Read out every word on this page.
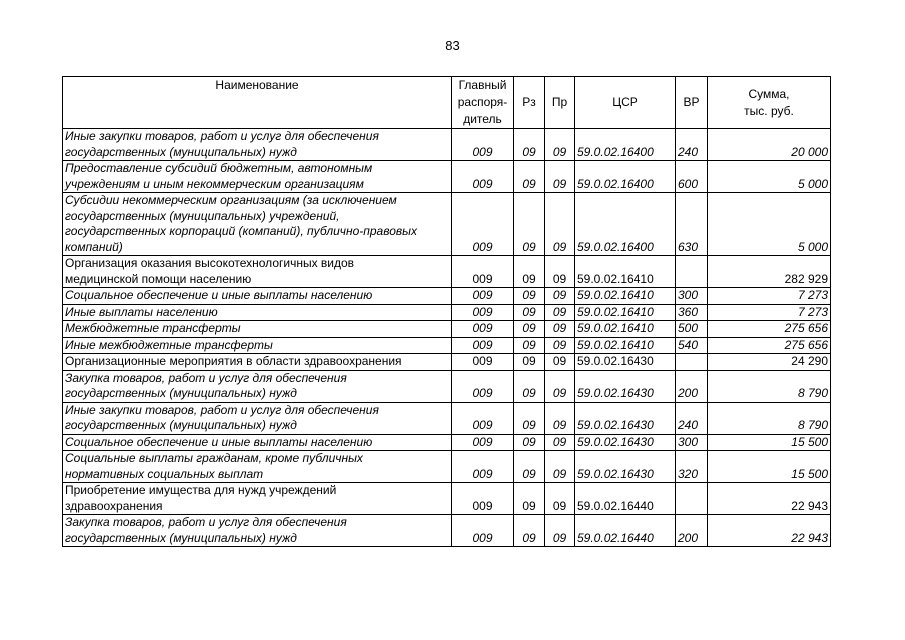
83
Наименование	Главный
распоря-
дитель	Рз	Пр	ЦСР	ВР	Сумма,
тыс. руб.
Иные закупки товаров, работ и услуг для обеспечения
государственных (муниципальных) нужд	009	09	09	59.0.02.16400	240	20 000
Предоставление субсидий бюджетным, автономным
учреждениям и иным некоммерческим организациям	009	09	09	59.0.02.16400	600	5 000
Субсидии некоммерческим организациям (за исключением
государственных (муниципальных) учреждений,
государственных корпораций (компаний), публично-правовых
компаний)	009	09	09	59.0.02.16400	630	5 000
Организация оказания высокотехнологичных видов
медицинской помощи населению	009	09	09	59.0.02.16410		282 929
Социальное обеспечение и иные выплаты населению	009	09	09	59.0.02.16410	300	7 273
Иные выплаты населению	009	09	09	59.0.02.16410	360	7 273
Межбюджетные трансферты	009	09	09	59.0.02.16410	500	275 656
Иные межбюджетные трансферты	009	09	09	59.0.02.16410	540	275 656
Организационные мероприятия в области здравоохранения	009	09	09	59.0.02.16430		24 290
Закупка товаров, работ и услуг для обеспечения
государственных (муниципальных) нужд	009	09	09	59.0.02.16430	200	8 790
Иные закупки товаров, работ и услуг для обеспечения
государственных (муниципальных) нужд	009	09	09	59.0.02.16430	240	8 790
Социальное обеспечение и иные выплаты населению	009	09	09	59.0.02.16430	300	15 500
Социальные выплаты гражданам, кроме публичных
нормативных социальных выплат	009	09	09	59.0.02.16430	320	15 500
Приобретение имущества для нужд учреждений
здравоохранения	009	09	09	59.0.02.16440		22 943
Закупка товаров, работ и услуг для обеспечения
государственных (муниципальных) нужд	009	09	09	59.0.02.16440	200	22 943
